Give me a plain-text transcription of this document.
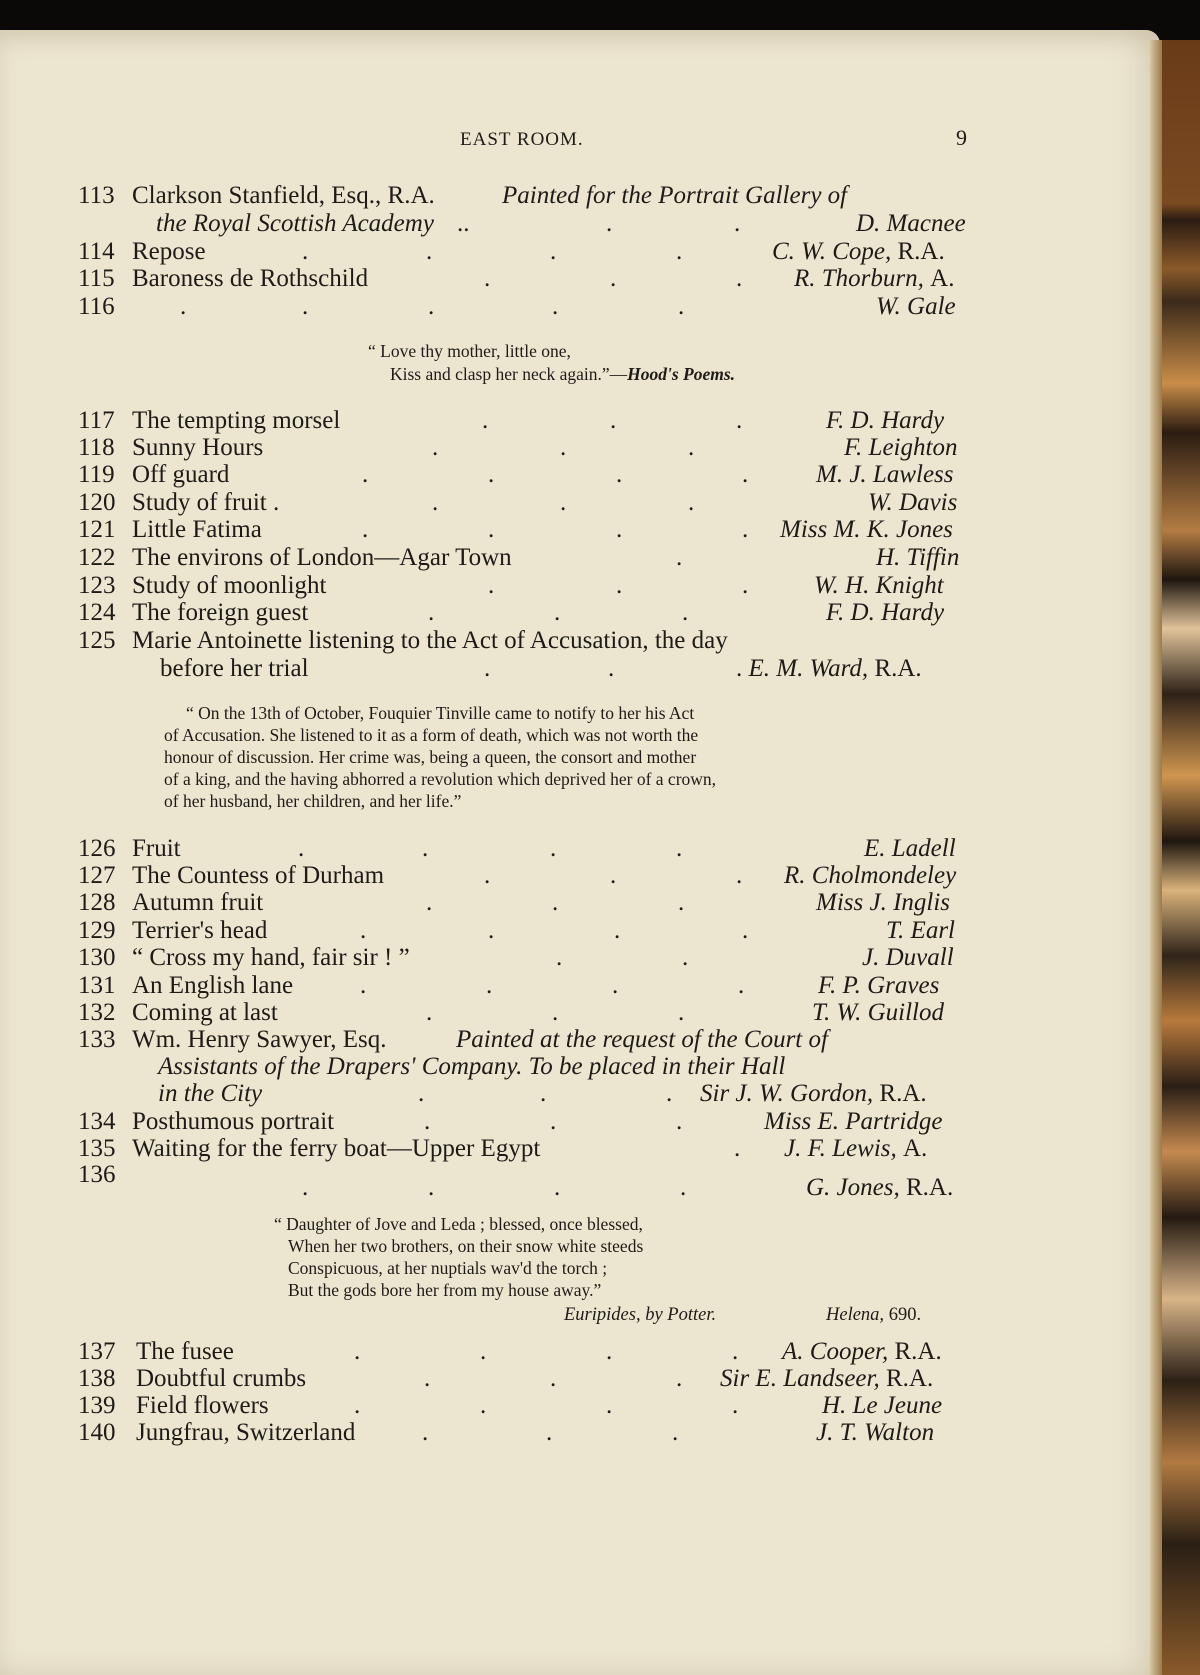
EAST ROOM.	9
113 Clarkson Stanfield, Esq., R.A.	Painted for the Portrait Gallery of
the Royal Scottish Academy ..	.	.	D. Macnee
114 Repose	.	.	.	.	C. W. Cope, R.A.
115 Baroness de Rothschild	.	.	. R. Thorburn, A.
116	.	.	.	.	.	W. Gale
“ Love thy mother, little one,
Kiss and clasp her neck again.”—Hood's Poems.
117 The tempting morsel	.	.	.	F. D. Hardy
118 Sunny Hours	.	.	.	F. Leighton
119 Off guard	.	.	.	.	M. J. Lawless
120 Study of fruit .	.	.	.	W. Davis
121 Little Fatima	.	.	.	. Miss M. K. Jones
122 The environs of London—Agar Town	.	H. Tiffin
123 Study of moonlight	.	.	.	W. H. Knight
124 The foreign guest	.	.	.	F. D. Hardy
125 Marie Antoinette listening to the Act of Accusation, the day
before her trial	.	.	. E. M. Ward, R.A.
“ On the 13th of October, Fouquier Tinville came to notify to her his Act
of Accusation. She listened to it as a form of death, which was not worth the
honour of discussion. Her crime was, being a queen, the consort and mother
of a king, and the having abhorred a revolution which deprived her of a crown,
of her husband, her children, and her life.”
126 Fruit	.	.	.	.	E. Ladell
127 The Countess of Durham	.	.	. R. Cholmondeley
128 Autumn fruit	.	.	.	Miss J. Inglis
129 Terrier's head	.	.	.	.	T. Earl
130 “ Cross my hand, fair sir ! ”	.	.	J. Duvall
131 An English lane	.	.	.	.	F. P. Graves
132 Coming at last	.	.	.	T. W. Guillod
133 Wm. Henry Sawyer, Esq.	Painted at the request of the Court of
Assistants of the Drapers' Company. To be placed in their Hall
in the City	.	.	. Sir J. W. Gordon, R.A.
134 Posthumous portrait	.	.	.	Miss E. Partridge
135 Waiting for the ferry boat—Upper Egypt	. J. F. Lewis, A.
136	.	.	.	.	G. Jones, R.A.
“ Daughter of Jove and Leda ; blessed, once blessed,
When her two brothers, on their snow white steeds
Conspicuous, at her nuptials wav'd the torch ;
But the gods bore her from my house away.”
Euripides, by Potter.	Helena, 690.
137 The fusee	.	.	.	. A. Cooper, R.A.
138 Doubtful crumbs	.	.	. Sir E. Landseer, R.A.
139 Field flowers	.	.	.	.	H. Le Jeune
140 Jungfrau, Switzerland	.	.	.	J. T. Walton
